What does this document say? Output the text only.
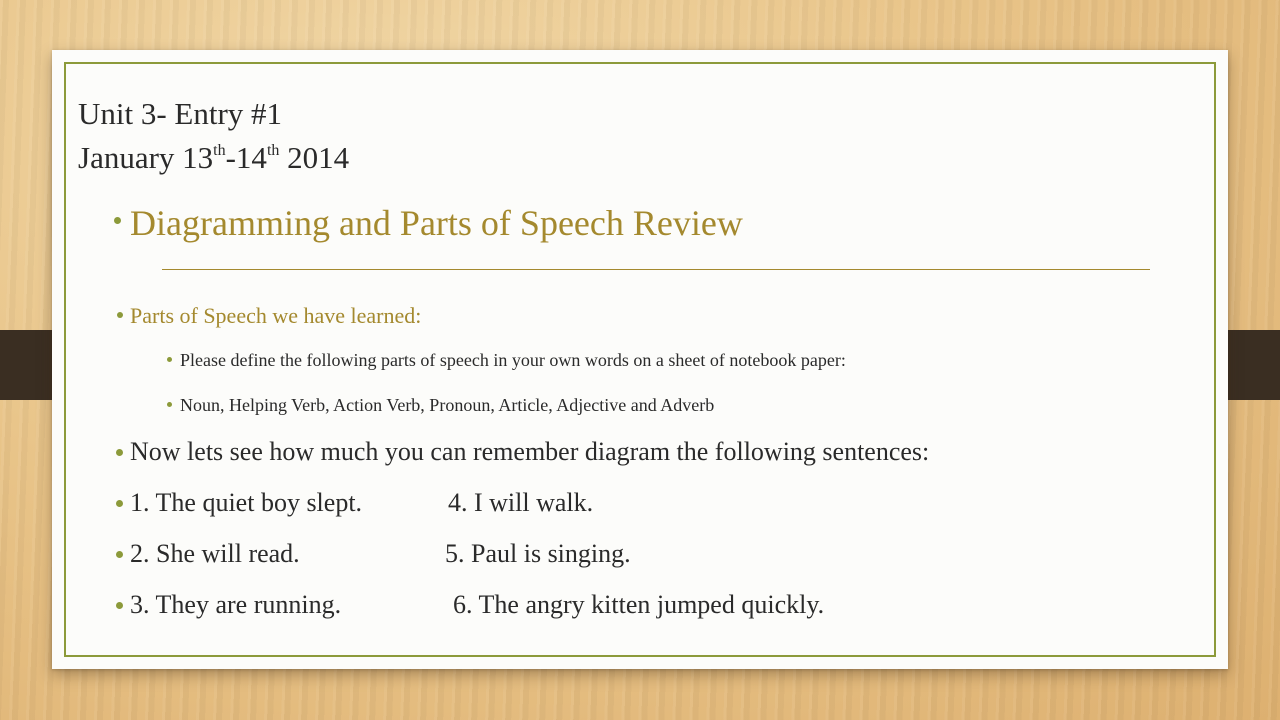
Unit 3- Entry #1
January 13th-14th 2014
Diagramming and Parts of Speech Review
Parts of Speech we have learned:
Please define the following parts of speech in your own words on a sheet of notebook paper:
Noun, Helping Verb, Action Verb, Pronoun, Article, Adjective and Adverb
Now lets see how much you can remember diagram the following sentences:
1. The quiet boy slept.	4. I will walk.
2. She will read.	5. Paul is singing.
3. They are running.	6. The angry kitten jumped quickly.
